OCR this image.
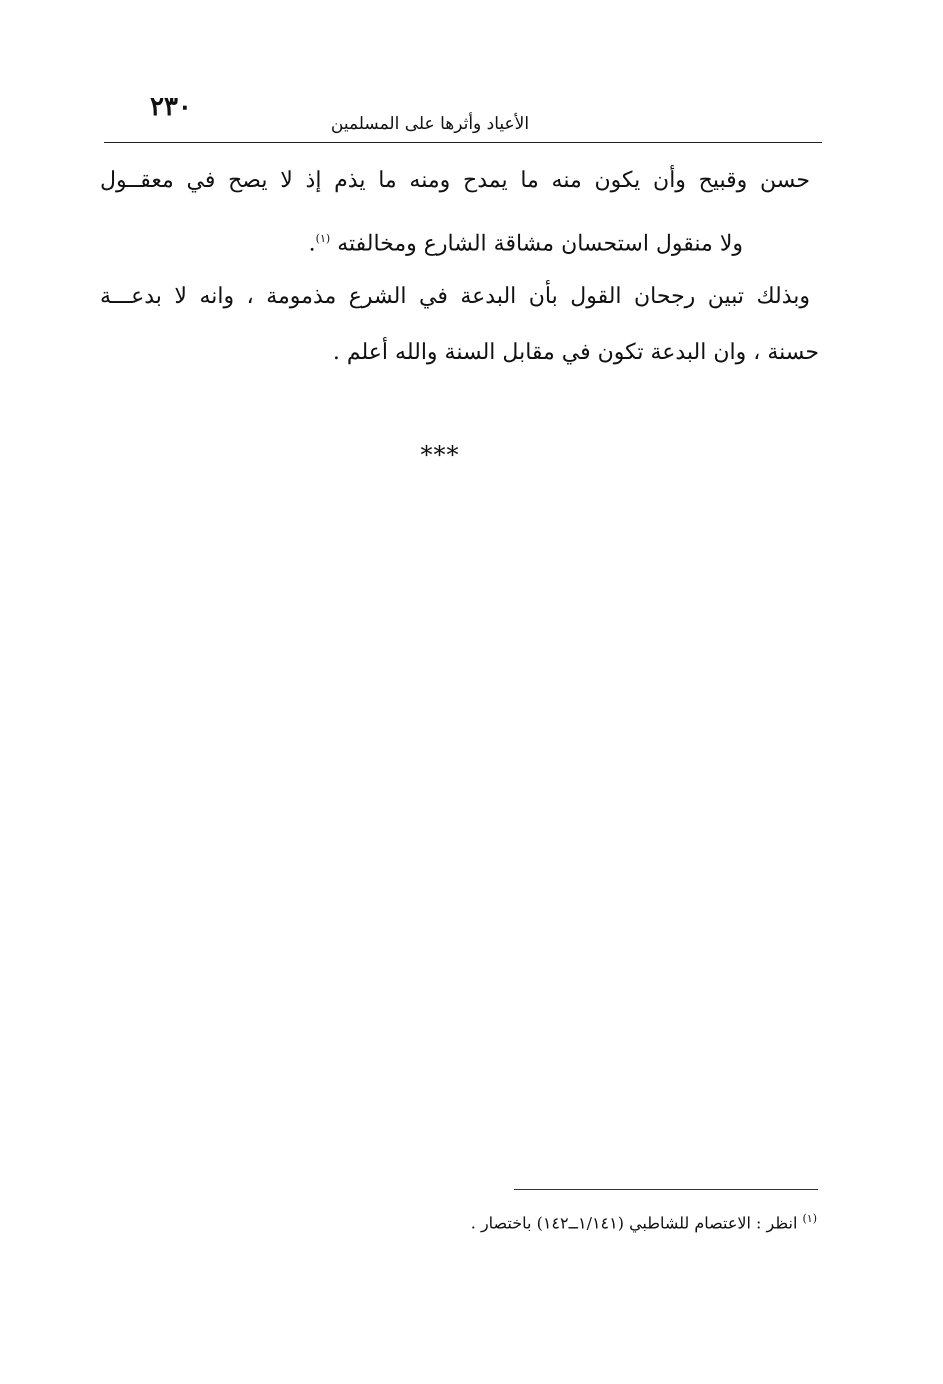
٢٣٠
الأعياد وأثرها على المسلمين
حسن وقبيح وأن يكون منه ما يمدح ومنه ما يذم إذ لا يصح في معقــول
ولا منقول استحسان مشاقة الشارع ومخالفته $^{(١)}$.
وبذلك تبين رجحان القول بأن البدعة في الشرع مذمومة ، وانه لا بدعـــة
حسنة ، وان البدعة تكون في مقابل السنة والله أعلم .
***
$^{(١)}$ انظر : الاعتصام للشاطبي (١/١٤١ــ١٤٢) باختصار .
